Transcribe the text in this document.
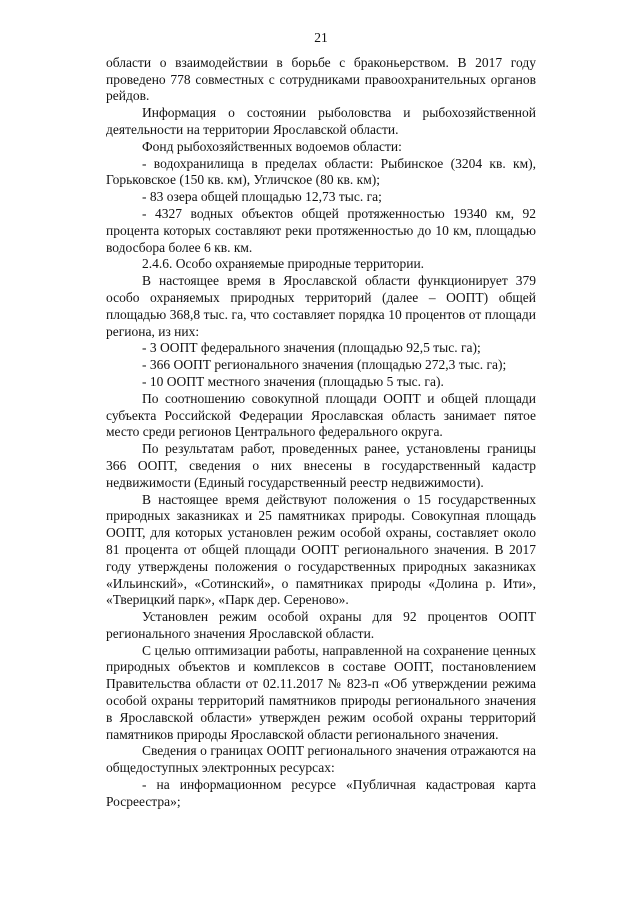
21

области о взаимодействии в борьбе с браконьерством. В 2017 году проведено 778 совместных с сотрудниками правоохранительных органов рейдов.

Информация о состоянии рыболовства и рыбохозяйственной деятельности на территории Ярославской области.

Фонд рыбохозяйственных водоемов области:

- водохранилища в пределах области: Рыбинское (3204 кв. км), Горьковское (150 кв. км), Угличское (80 кв. км);

- 83 озера общей площадью 12,73 тыс. га;

- 4327 водных объектов общей протяженностью 19340 км, 92 процента которых составляют реки протяженностью до 10 км, площадью водосбора более 6 кв. км.

2.4.6. Особо охраняемые природные территории.

В настоящее время в Ярославской области функционирует 379 особо охраняемых природных территорий (далее – ООПТ) общей площадью 368,8 тыс. га, что составляет порядка 10 процентов от площади региона, из них:

- 3 ООПТ федерального значения (площадью 92,5 тыс. га);

- 366 ООПТ регионального значения (площадью 272,3 тыс. га);

- 10 ООПТ местного значения (площадью 5 тыс. га).

По соотношению совокупной площади ООПТ и общей площади субъекта Российской Федерации Ярославская область занимает пятое место среди регионов Центрального федерального округа.

По результатам работ, проведенных ранее, установлены границы 366 ООПТ, сведения о них внесены в государственный кадастр недвижимости (Единый государственный реестр недвижимости).

В настоящее время действуют положения о 15 государственных природных заказниках и 25 памятниках природы. Совокупная площадь ООПТ, для которых установлен режим особой охраны, составляет около 81 процента от общей площади ООПТ регионального значения. В 2017 году утверждены положения о государственных природных заказниках «Ильинский», «Сотинский», о памятниках природы «Долина р. Ити», «Тверицкий парк», «Парк дер. Сереново».

Установлен режим особой охраны для 92 процентов ООПТ регионального значения Ярославской области.

С целью оптимизации работы, направленной на сохранение ценных природных объектов и комплексов в составе ООПТ, постановлением Правительства области от 02.11.2017 № 823-п «Об утверждении режима особой охраны территорий памятников природы регионального значения в Ярославской области» утвержден режим особой охраны территорий памятников природы Ярославской области регионального значения.

Сведения о границах ООПТ регионального значения отражаются на общедоступных электронных ресурсах:

- на информационном ресурсе «Публичная кадастровая карта Росреестра»;
